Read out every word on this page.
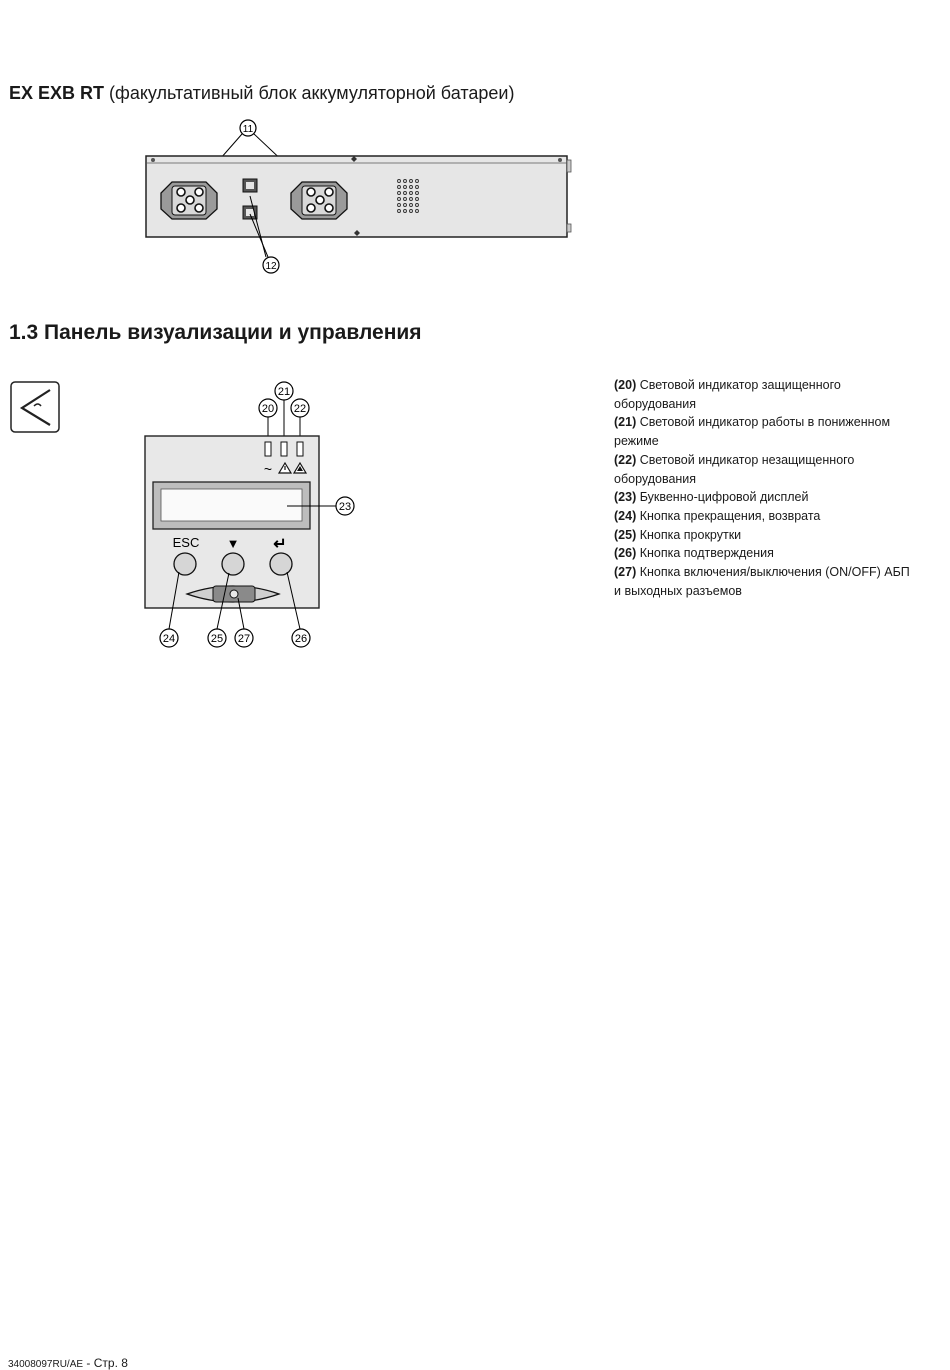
EX EXB RT (факультативный блок аккумуляторной батареи)
11
12
1.3 Панель визуализации и управления
21
20 22
~
23
ESC ▼ ↵
24	25 27	26
(20) Световой индикатор защищенного оборудования
(21) Световой индикатор работы в пониженном режиме
(22) Световой индикатор незащищенного оборудования
(23) Буквенно-цифровой дисплей
(24) Кнопка прекращения, возврата
(25) Кнопка прокрутки
(26) Кнопка подтверждения
(27) Кнопка включения/выключения (ON/OFF) АБП и выходных разъемов
34008097RU/AE - Стр. 8
